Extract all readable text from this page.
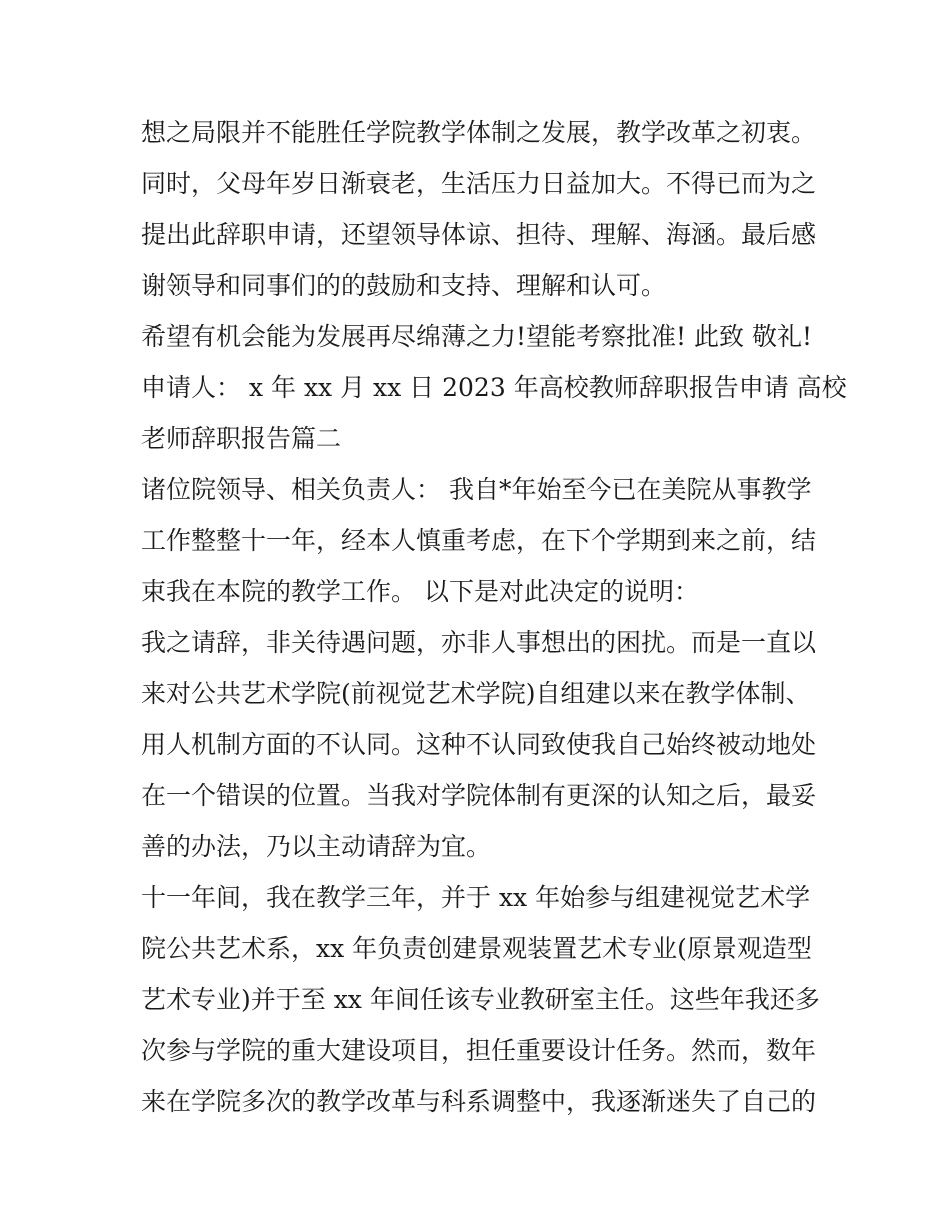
想之局限并不能胜任学院教学体制之发展，教学改革之初衷。
同时，父母年岁日渐衰老，生活压力日益加大。不得已而为之
提出此辞职申请，还望领导体谅、担待、理解、海涵。最后感
谢领导和同事们的的鼓励和支持、理解和认可。
希望有机会能为发展再尽绵薄之力!望能考察批准! 此致 敬礼!
申请人： x 年 xx 月 xx 日 2023 年高校教师辞职报告申请 高校
老师辞职报告篇二
诸位院领导、相关负责人： 我自*年始至今已在美院从事教学
工作整整十一年，经本人慎重考虑，在下个学期到来之前，结
束我在本院的教学工作。 以下是对此决定的说明：
我之请辞，非关待遇问题，亦非人事想出的困扰。而是一直以
来对公共艺术学院(前视觉艺术学院)自组建以来在教学体制、
用人机制方面的不认同。这种不认同致使我自己始终被动地处
在一个错误的位置。当我对学院体制有更深的认知之后，最妥
善的办法，乃以主动请辞为宜。
十一年间，我在教学三年，并于 xx 年始参与组建视觉艺术学
院公共艺术系，xx 年负责创建景观装置艺术专业(原景观造型
艺术专业)并于至 xx 年间任该专业教研室主任。这些年我还多
次参与学院的重大建设项目，担任重要设计任务。然而，数年
来在学院多次的教学改革与科系调整中，我逐渐迷失了自己的
